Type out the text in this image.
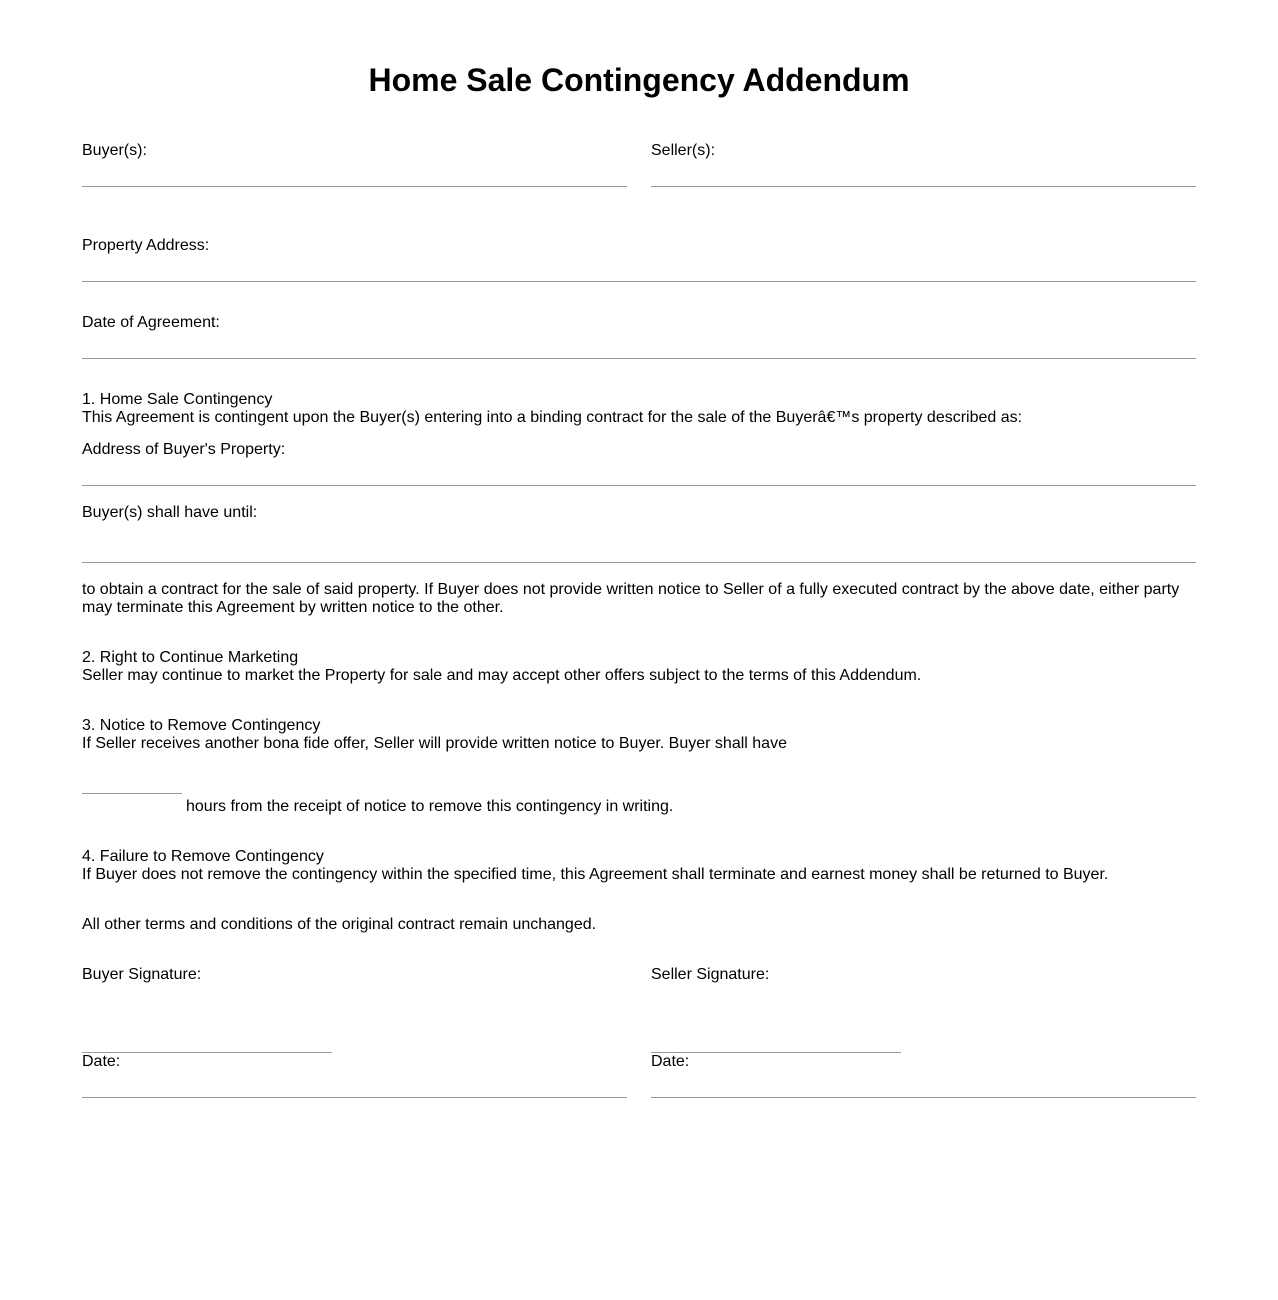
Home Sale Contingency Addendum
Buyer(s):	Seller(s):
Property Address:
Date of Agreement:
1. Home Sale Contingency
This Agreement is contingent upon the Buyer(s) entering into a binding contract for the sale of the Buyerâ€™s property described as:
Address of Buyer's Property:
Buyer(s) shall have until:
to obtain a contract for the sale of said property. If Buyer does not provide written notice to Seller of a fully executed contract by the above date, either party may terminate this Agreement by written notice to the other.
2. Right to Continue Marketing
Seller may continue to market the Property for sale and may accept other offers subject to the terms of this Addendum.
3. Notice to Remove Contingency
If Seller receives another bona fide offer, Seller will provide written notice to Buyer. Buyer shall have
hours from the receipt of notice to remove this contingency in writing.
4. Failure to Remove Contingency
If Buyer does not remove the contingency within the specified time, this Agreement shall terminate and earnest money shall be returned to Buyer.
All other terms and conditions of the original contract remain unchanged.
Buyer Signature:
Date:
Seller Signature:
Date:
